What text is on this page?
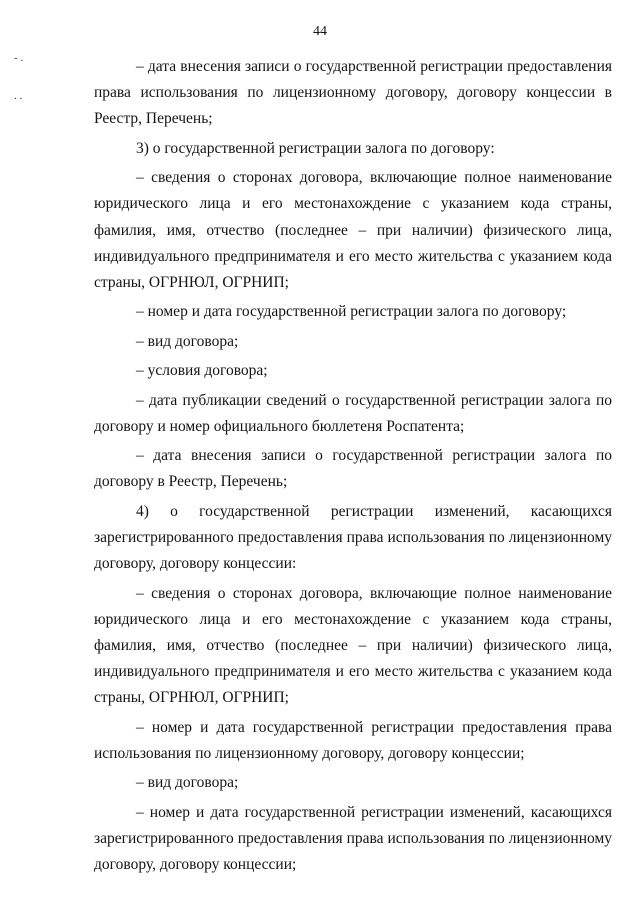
44
- .
. .

– дата внесения записи о государственной регистрации предоставления права использования по лицензионному договору, договору концессии в Реестр, Перечень;

3) о государственной регистрации залога по договору:

– сведения о сторонах договора, включающие полное наименование юридического лица и его местонахождение с указанием кода страны, фамилия, имя, отчество (последнее – при наличии) физического лица, индивидуального предпринимателя и его место жительства с указанием кода страны, ОГРНЮЛ, ОГРНИП;

– номер и дата государственной регистрации залога по договору;

– вид договора;

– условия договора;

– дата публикации сведений о государственной регистрации залога по договору и номер официального бюллетеня Роспатента;

– дата внесения записи о государственной регистрации залога по договору в Реестр, Перечень;

4) о государственной регистрации изменений, касающихся зарегистрированного предоставления права использования по лицензионному договору, договору концессии:

– сведения о сторонах договора, включающие полное наименование юридического лица и его местонахождение с указанием кода страны, фамилия, имя, отчество (последнее – при наличии) физического лица, индивидуального предпринимателя и его место жительства с указанием кода страны, ОГРНЮЛ, ОГРНИП;

– номер и дата государственной регистрации предоставления права использования по лицензионному договору, договору концессии;

– вид договора;

– номер и дата государственной регистрации изменений, касающихся зарегистрированного предоставления права использования по лицензионному договору, договору концессии;
